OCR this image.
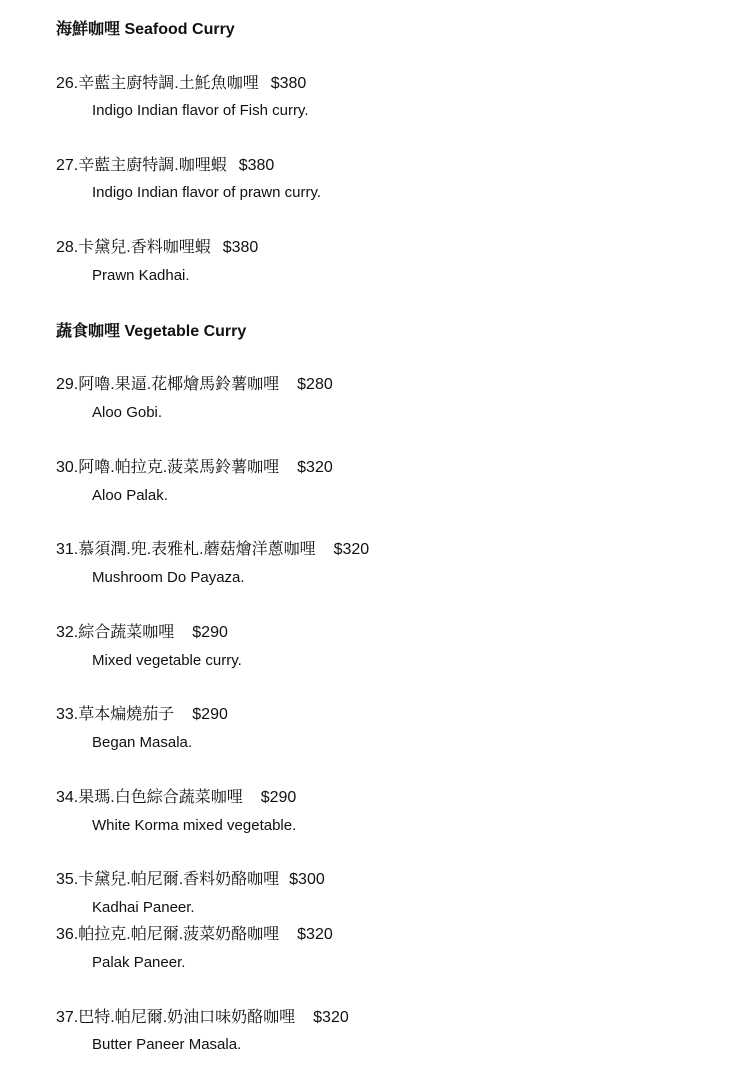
海鮮咖哩 Seafood Curry
26.辛藍主廚特調.土魠魚咖哩 $380
Indigo Indian flavor of Fish curry.
27.辛藍主廚特調.咖哩蝦 $380
Indigo Indian flavor of prawn curry.
28.卡黛兒.香料咖哩蝦 $380
Prawn Kadhai.
蔬食咖哩 Vegetable Curry
29.阿嚕.果逼.花椰燴馬鈴薯咖哩 $280
Aloo Gobi.
30.阿嚕.帕拉克.菠菜馬鈴薯咖哩 $320
Aloo Palak.
31.慕須潤.兜.表雅札.蘑菇燴洋蔥咖哩 $320
Mushroom Do Payaza.
32.綜合蔬菜咖哩 $290
Mixed vegetable curry.
33.草本煸燒茄子 $290
Began Masala.
34.果瑪.白色綜合蔬菜咖哩 $290
White Korma mixed vegetable.
35.卡黛兒.帕尼爾.香料奶酪咖哩 $300
Kadhai Paneer.
36.帕拉克.帕尼爾.菠菜奶酪咖哩 $320
Palak Paneer.
37.巴特.帕尼爾.奶油口味奶酪咖哩 $320
Butter Paneer Masala.
